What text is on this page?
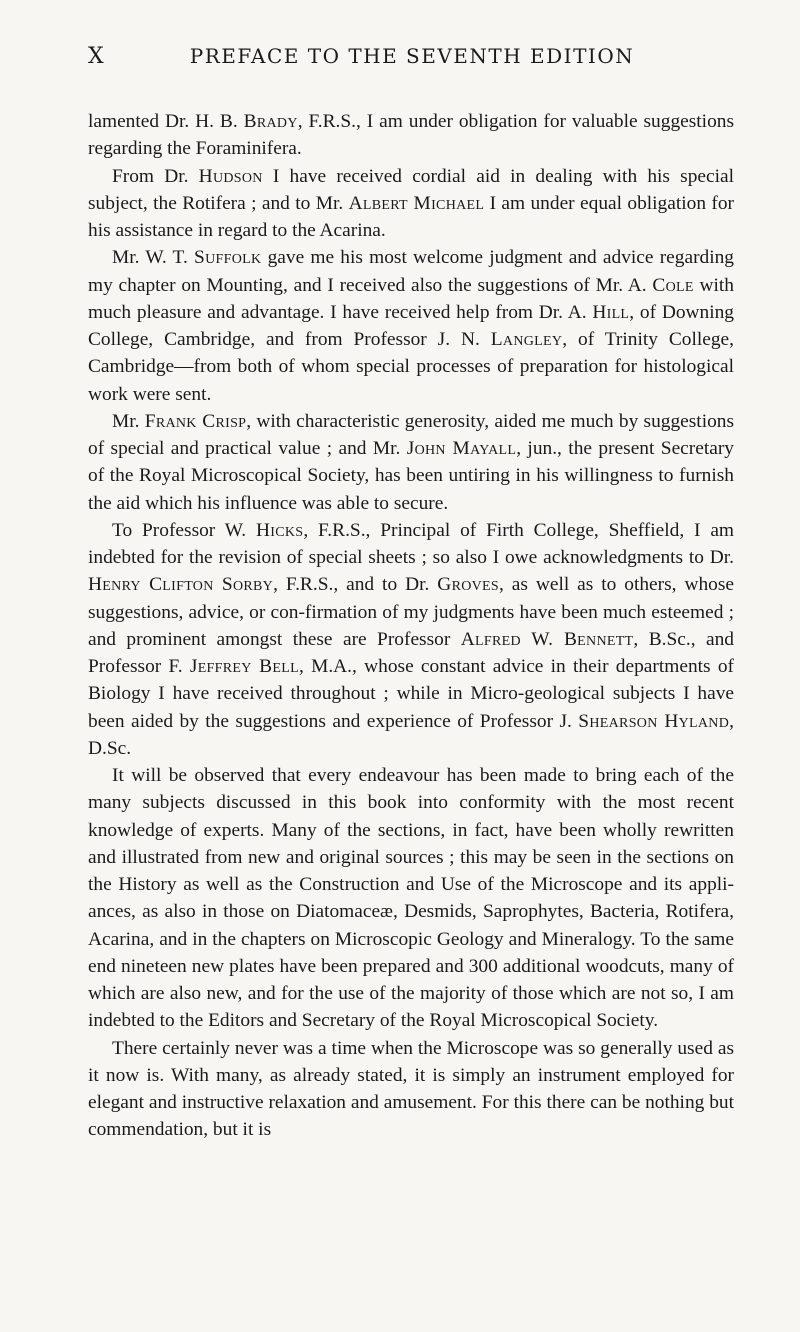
X	PREFACE TO THE SEVENTH EDITION

lamented Dr. H. B. Brady, F.R.S., I am under obligation for valuable suggestions regarding the Foraminifera.

From Dr. Hudson I have received cordial aid in dealing with his special subject, the Rotifera ; and to Mr. Albert Michael I am under equal obligation for his assistance in regard to the Acarina.

Mr. W. T. Suffolk gave me his most welcome judgment and advice regarding my chapter on Mounting, and I received also the suggestions of Mr. A. Cole with much pleasure and advantage. I have received help from Dr. A. Hill, of Downing College, Cambridge, and from Professor J. N. Langley, of Trinity College, Cambridge—from both of whom special processes of preparation for histological work were sent.

Mr. Frank Crisp, with characteristic generosity, aided me much by suggestions of special and practical value ; and Mr. John Mayall, jun., the present Secretary of the Royal Microscopical Society, has been untiring in his willingness to furnish the aid which his influence was able to secure.

To Professor W. Hicks, F.R.S., Principal of Firth College, Sheffield, I am indebted for the revision of special sheets ; so also I owe acknowledgments to Dr. Henry Clifton Sorby, F.R.S., and to Dr. Groves, as well as to others, whose suggestions, advice, or con-firmation of my judgments have been much esteemed ; and prominent amongst these are Professor Alfred W. Bennett, B.Sc., and Professor F. Jeffrey Bell, M.A., whose constant advice in their departments of Biology I have received throughout ; while in Micro-geological subjects I have been aided by the suggestions and experience of Professor J. Shearson Hyland, D.Sc.

It will be observed that every endeavour has been made to bring each of the many subjects discussed in this book into conformity with the most recent knowledge of experts. Many of the sections, in fact, have been wholly rewritten and illustrated from new and original sources ; this may be seen in the sections on the History as well as the Construction and Use of the Microscope and its appli-ances, as also in those on Diatomaceæ, Desmids, Saprophytes, Bacteria, Rotifera, Acarina, and in the chapters on Microscopic Geology and Mineralogy. To the same end nineteen new plates have been prepared and 300 additional woodcuts, many of which are also new, and for the use of the majority of those which are not so, I am indebted to the Editors and Secretary of the Royal Microscopical Society.

There certainly never was a time when the Microscope was so generally used as it now is. With many, as already stated, it is simply an instrument employed for elegant and instructive relaxation and amusement. For this there can be nothing but commendation, but it is
